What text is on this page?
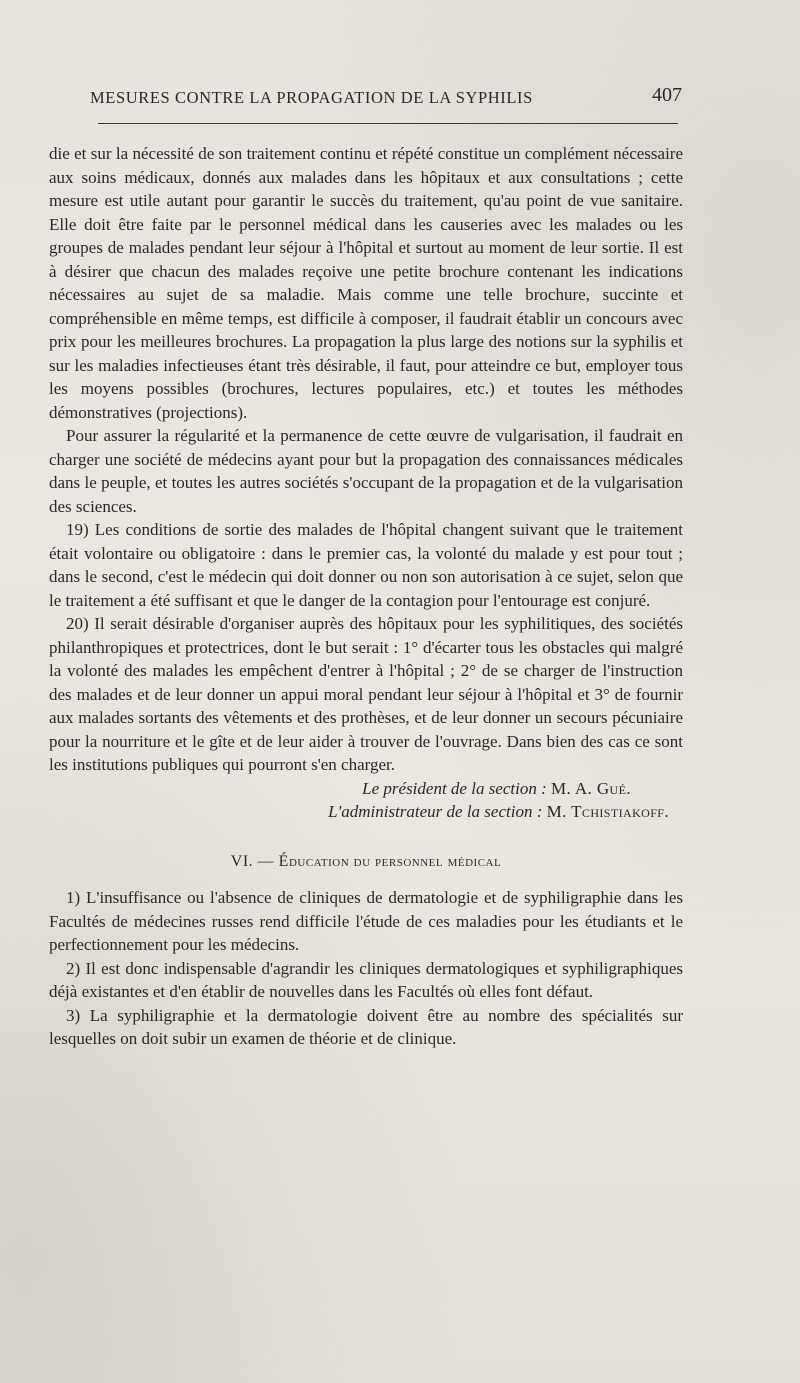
MESURES CONTRE LA PROPAGATION DE LA SYPHILIS	407

die et sur la nécessité de son traitement continu et répété constitue un complément nécessaire aux soins médicaux, donnés aux malades dans les hôpitaux et aux consultations ; cette mesure est utile autant pour garantir le succès du traitement, qu'au point de vue sanitaire. Elle doit être faite par le personnel médical dans les causeries avec les malades ou les groupes de malades pendant leur séjour à l'hôpital et surtout au moment de leur sortie. Il est à désirer que chacun des malades reçoive une petite brochure contenant les indications nécessaires au sujet de sa maladie. Mais comme une telle brochure, succinte et compréhensible en même temps, est difficile à composer, il faudrait établir un concours avec prix pour les meilleures brochures. La propagation la plus large des notions sur la syphilis et sur les maladies infectieuses étant très désirable, il faut, pour atteindre ce but, employer tous les moyens possibles (brochures, lectures populaires, etc.) et toutes les méthodes démonstratives (projections).

Pour assurer la régularité et la permanence de cette œuvre de vulgarisation, il faudrait en charger une société de médecins ayant pour but la propagation des connaissances médicales dans le peuple, et toutes les autres sociétés s'occupant de la propagation et de la vulgarisation des sciences.

19) Les conditions de sortie des malades de l'hôpital changent suivant que le traitement était volontaire ou obligatoire : dans le premier cas, la volonté du malade y est pour tout ; dans le second, c'est le médecin qui doit donner ou non son autorisation à ce sujet, selon que le traitement a été suffisant et que le danger de la contagion pour l'entourage est conjuré.

20) Il serait désirable d'organiser auprès des hôpitaux pour les syphilitiques, des sociétés philanthropiques et protectrices, dont le but serait : 1° d'écarter tous les obstacles qui malgré la volonté des malades les empêchent d'entrer à l'hôpital ; 2° de se charger de l'instruction des malades et de leur donner un appui moral pendant leur séjour à l'hôpital et 3° de fournir aux malades sortants des vêtements et des prothèses, et de leur donner un secours pécuniaire pour la nourriture et le gîte et de leur aider à trouver de l'ouvrage. Dans bien des cas ce sont les institutions publiques qui pourront s'en charger.

Le président de la section : M. A. Gué.

L'administrateur de la section : M. Tchistiakoff.

VI. — Éducation du personnel médical

1) L'insuffisance ou l'absence de cliniques de dermatologie et de syphiligraphie dans les Facultés de médecines russes rend difficile l'étude de ces maladies pour les étudiants et le perfectionnement pour les médecins.

2) Il est donc indispensable d'agrandir les cliniques dermatologiques et syphiligraphiques déjà existantes et d'en établir de nouvelles dans les Facultés où elles font défaut.

3) La syphiligraphie et la dermatologie doivent être au nombre des spécialités sur lesquelles on doit subir un examen de théorie et de clinique.
